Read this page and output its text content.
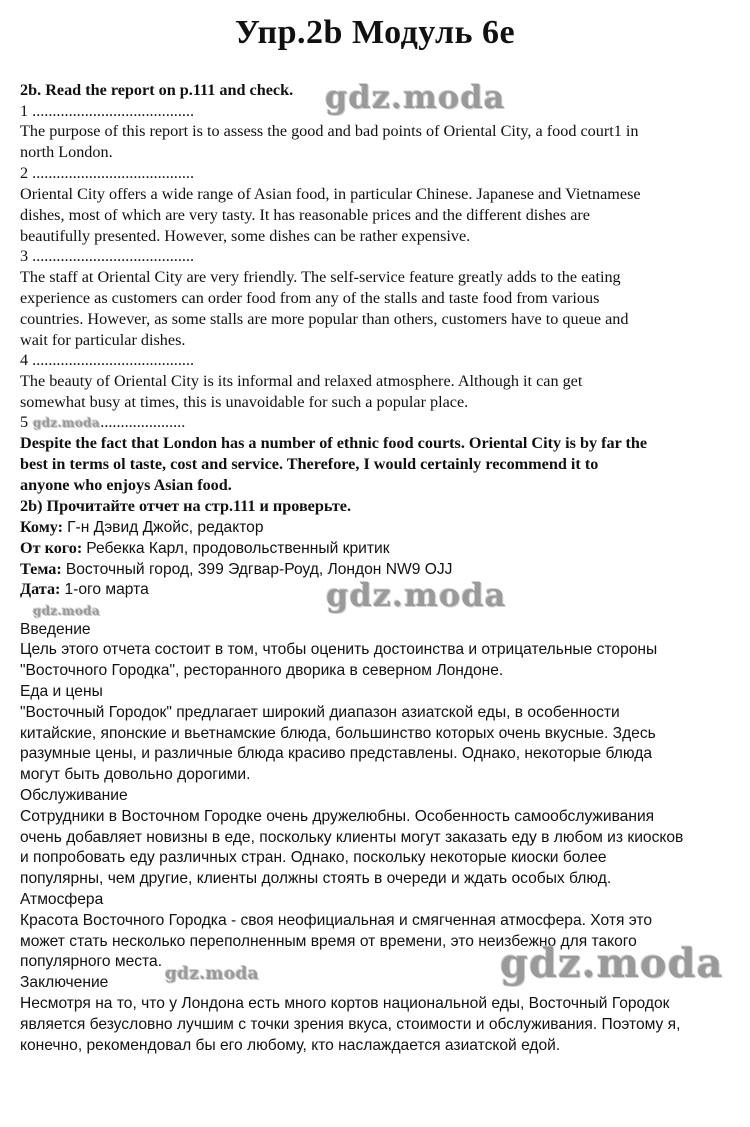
Упр.2b Модуль 6е
2b. Read the report on p.111 and check.
1 ........................................
The purpose of this report is to assess the good and bad points of Oriental City, a food court1 in
north London.
2 ........................................
Oriental City offers a wide range of Asian food, in particular Chinese. Japanese and Vietnamese
dishes, most of which are very tasty. It has reasonable prices and the different dishes are
beautifully presented. However, some dishes can be rather expensive.
3 ........................................
The staff at Oriental City are very friendly. The self-service feature greatly adds to the eating
experience as customers can order food from any of the stalls and taste food from various
countries. However, as some stalls are more popular than others, customers have to queue and
wait for particular dishes.
4 ........................................
The beauty of Oriental City is its informal and relaxed atmosphere. Although it can get
somewhat busy at times, this is unavoidable for such a popular place.
5	........................
Despite the fact that London has a number of ethnic food courts. Oriental City is by far the
best in terms ol taste, cost and service. Therefore, I would certainly recommend it to
anyone who enjoys Asian food.
2b) Прочитайте отчет на стр.111 и проверьте.
Кому: Г-н Дэвид Джойс, редактор
От кого: Ребекка Карл, продовольственный критик
Тема: Восточный город, 399 Эдгвар-Роуд, Лондон NW9 OJJ
Дата: 1-ого марта
Введение
Цель этого отчета состоит в том, чтобы оценить достоинства и отрицательные стороны
"Восточного Городка", ресторанного дворика в северном Лондоне.
Еда и цены
"Восточный Городок" предлагает широкий диапазон азиатской еды, в особенности
китайские, японские и вьетнамские блюда, большинство которых очень вкусные. Здесь
разумные цены, и различные блюда красиво представлены. Однако, некоторые блюда
могут быть довольно дорогими.
Обслуживание
Сотрудники в Восточном Городке очень дружелюбны. Особенность самообслуживания
очень добавляет новизны в еде, поскольку клиенты могут заказать еду в любом из киосков
и попробовать еду различных стран. Однако, поскольку некоторые киоски более
популярны, чем другие, клиенты должны стоять в очереди и ждать особых блюд.
Атмосфера
Красота Восточного Городка - своя неофициальная и смягченная атмосфера. Хотя это
может стать несколько переполненным время от времени, это неизбежно для такого
популярного места.
Заключение
Несмотря на то, что у Лондона есть много кортов национальной еды, Восточный Городок
является безусловно лучшим с точки зрения вкуса, стоимости и обслуживания. Поэтому я,
конечно, рекомендовал бы его любому, кто наслаждается азиатской едой.
gdz.moda
gdz.moda
gdz.moda
gdz.moda
gdz.moda	gdz.moda
